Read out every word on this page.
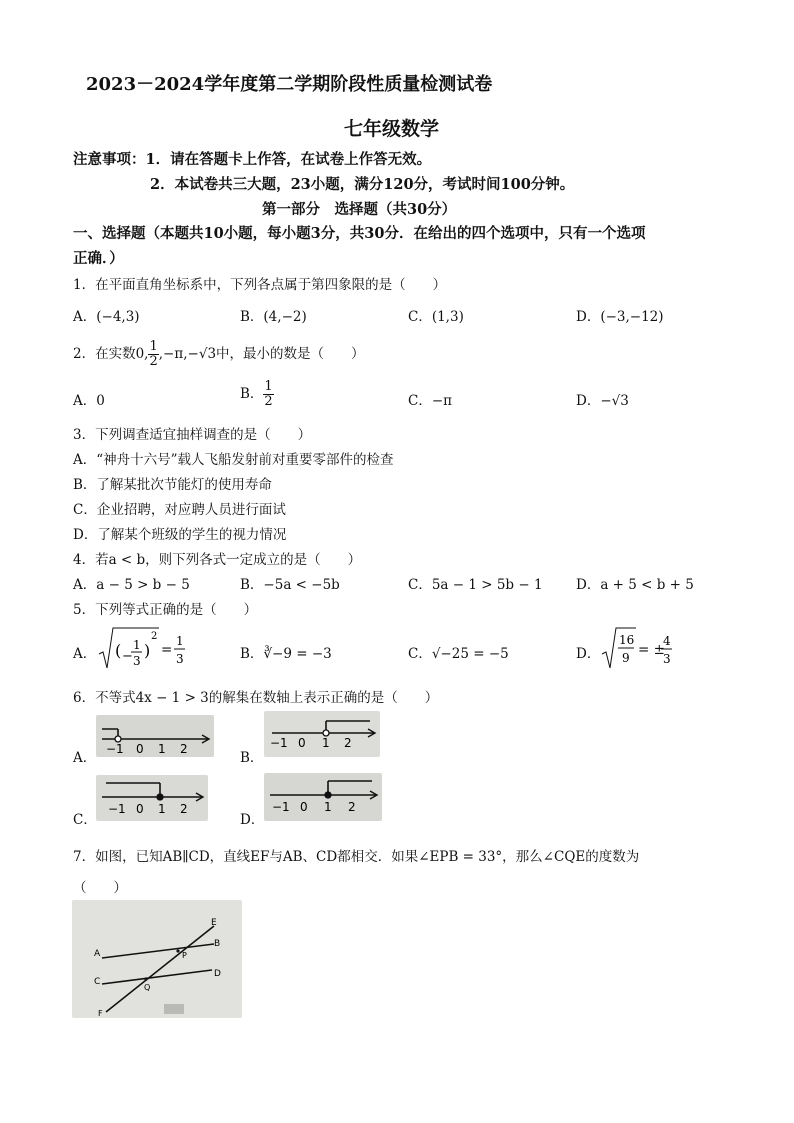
2023－2024学年度第二学期阶段性质量检测试卷
七年级数学
注意事项：1．请在答题卡上作答，在试卷上作答无效。
2．本试卷共三大题，23小题，满分120分，考试时间100分钟。
第一部分　选择题（共30分）
一、选择题（本题共10小题，每小题3分，共30分．在给出的四个选项中，只有一个选项
正确．）
1．在平面直角坐标系中，下列各点属于第四象限的是（　　）
A．(−4,3)	B．(4,−2)	C．(1,3)	D．(−3,−12)
2．在实数0, $\frac{1}{2} ,-\pi,-√3$中，最小的数是（　　）
A．0	B． $\frac{1}{2}$	C．−π	D．−√3
3．下列调查适宜抽样调查的是（　　）
A．“神舟十六号”载人飞船发射前对重要零部件的检查
B．了解某批次节能灯的使用寿命
C．企业招聘，对应聘人员进行面试
D．了解某个班级的学生的视力情况
4．若a < b，则下列各式一定成立的是（　　）
A．a − 5 > b − 5	B．−5a < −5b	C．5a − 1 > 5b − 1 D．a + 5 < b + 5
5．下列等式正确的是（　　）
A． ( −
1
3
)
2
=
1
3	B．∛−9 = −3	C．√−25 = −5	D．
16
9 = ±
4
3
6．不等式4x − 1 > 3的解集在数轴上表示正确的是（　　）
A．
−1 0 1 2
B．
−1 0 1 2
C．
−1 0 1 2
D．
−1 0 1 2
7．如图，已知AB∥CD，直线EF与AB、CD都相交．如果∠EPB = 33°，那么∠CQE的度数为
（　　）
E
B
A	P
C
D
Q
F
